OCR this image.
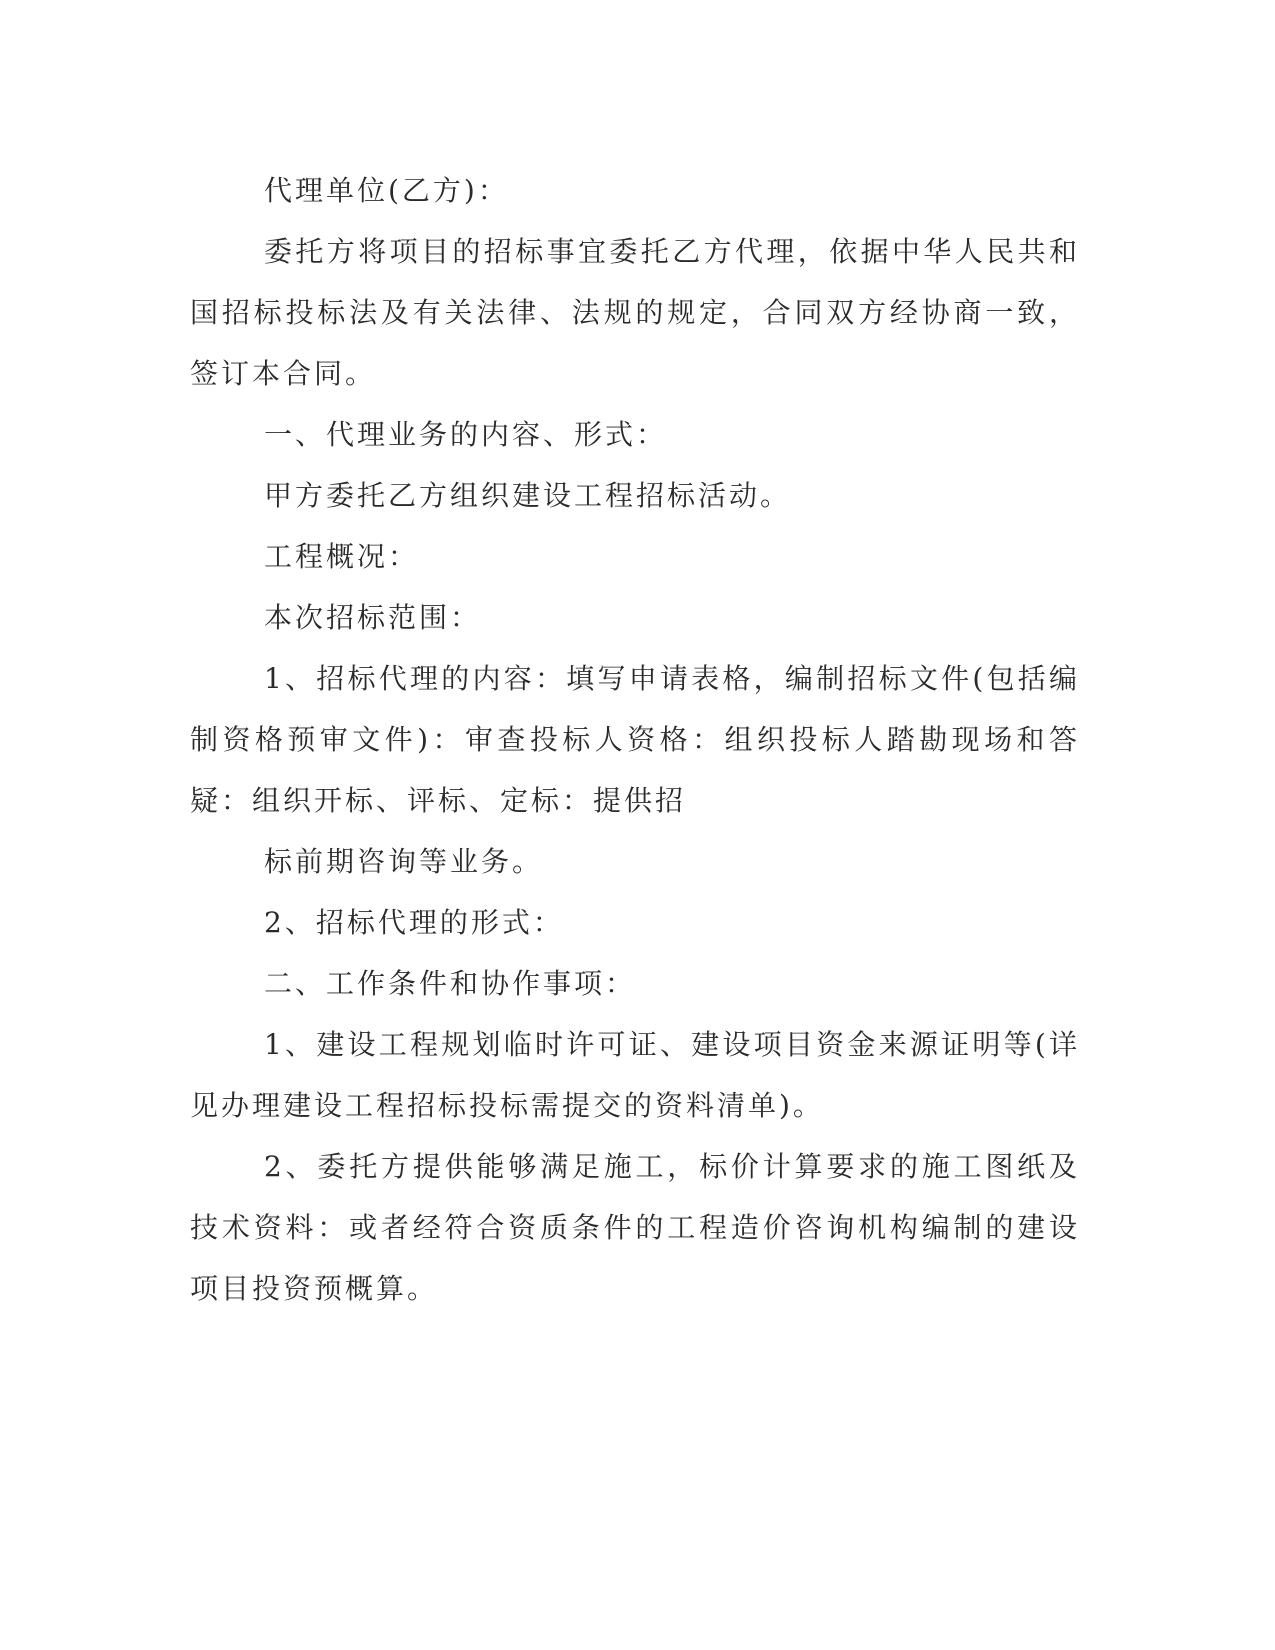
代理单位(乙方)：

委托方将项目的招标事宜委托乙方代理，依据中华人民共和国招标投标法及有关法律、法规的规定，合同双方经协商一致，签订本合同。

一、代理业务的内容、形式：

甲方委托乙方组织建设工程招标活动。

工程概况：

本次招标范围：

1、招标代理的内容：填写申请表格，编制招标文件(包括编制资格预审文件)：审查投标人资格：组织投标人踏勘现场和答疑：组织开标、评标、定标：提供招

标前期咨询等业务。

2、招标代理的形式：

二、工作条件和协作事项：

1、建设工程规划临时许可证、建设项目资金来源证明等(详见办理建设工程招标投标需提交的资料清单)。

2、委托方提供能够满足施工，标价计算要求的施工图纸及技术资料：或者经符合资质条件的工程造价咨询机构编制的建设项目投资预概算。
